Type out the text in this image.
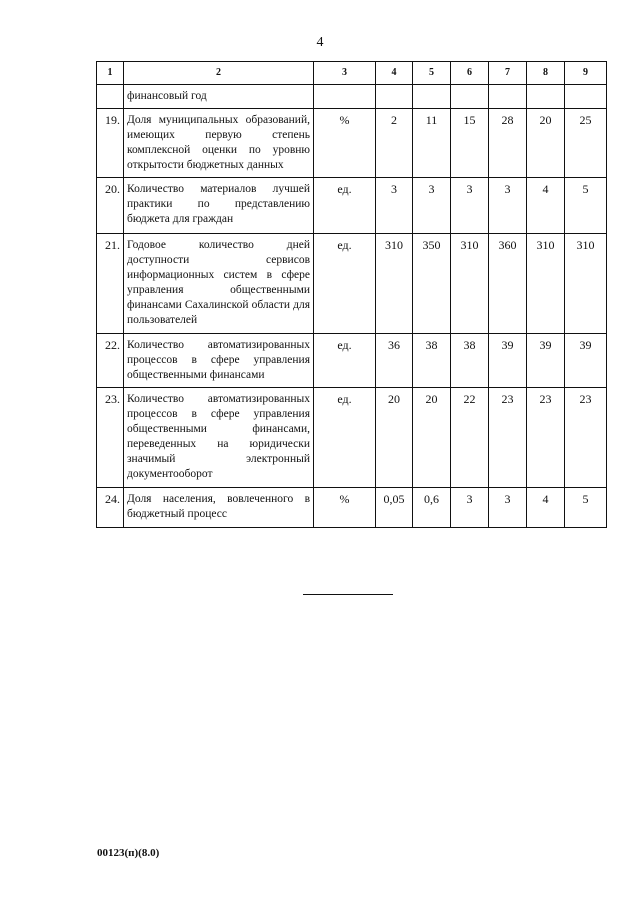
4
1	2	3	4	5	6	7	8	9
	финансовый год							
19.	Доля муниципальных образований, имеющих первую степень комплексной оценки по уровню открытости бюджетных данных	%	2	11	15	28	20	25
20.	Количество материалов лучшей практики по представлению бюджета для граждан	ед.	3	3	3	3	4	5
21.	Годовое количество дней доступности сервисов информационных систем в сфере управления общественными финансами Сахалинской области для пользователей	ед.	310	350	310	360	310	310
22.	Количество автоматизированных процессов в сфере управления общественными финансами	ед.	36	38	38	39	39	39
23.	Количество автоматизированных процессов в сфере управления общественными финансами, переведенных на юридически значимый электронный документооборот	ед.	20	20	22	23	23	23
24.	Доля населения, вовлеченного в бюджетный процесс	%	0,05	0,6	3	3	4	5
00123(п)(8.0)
